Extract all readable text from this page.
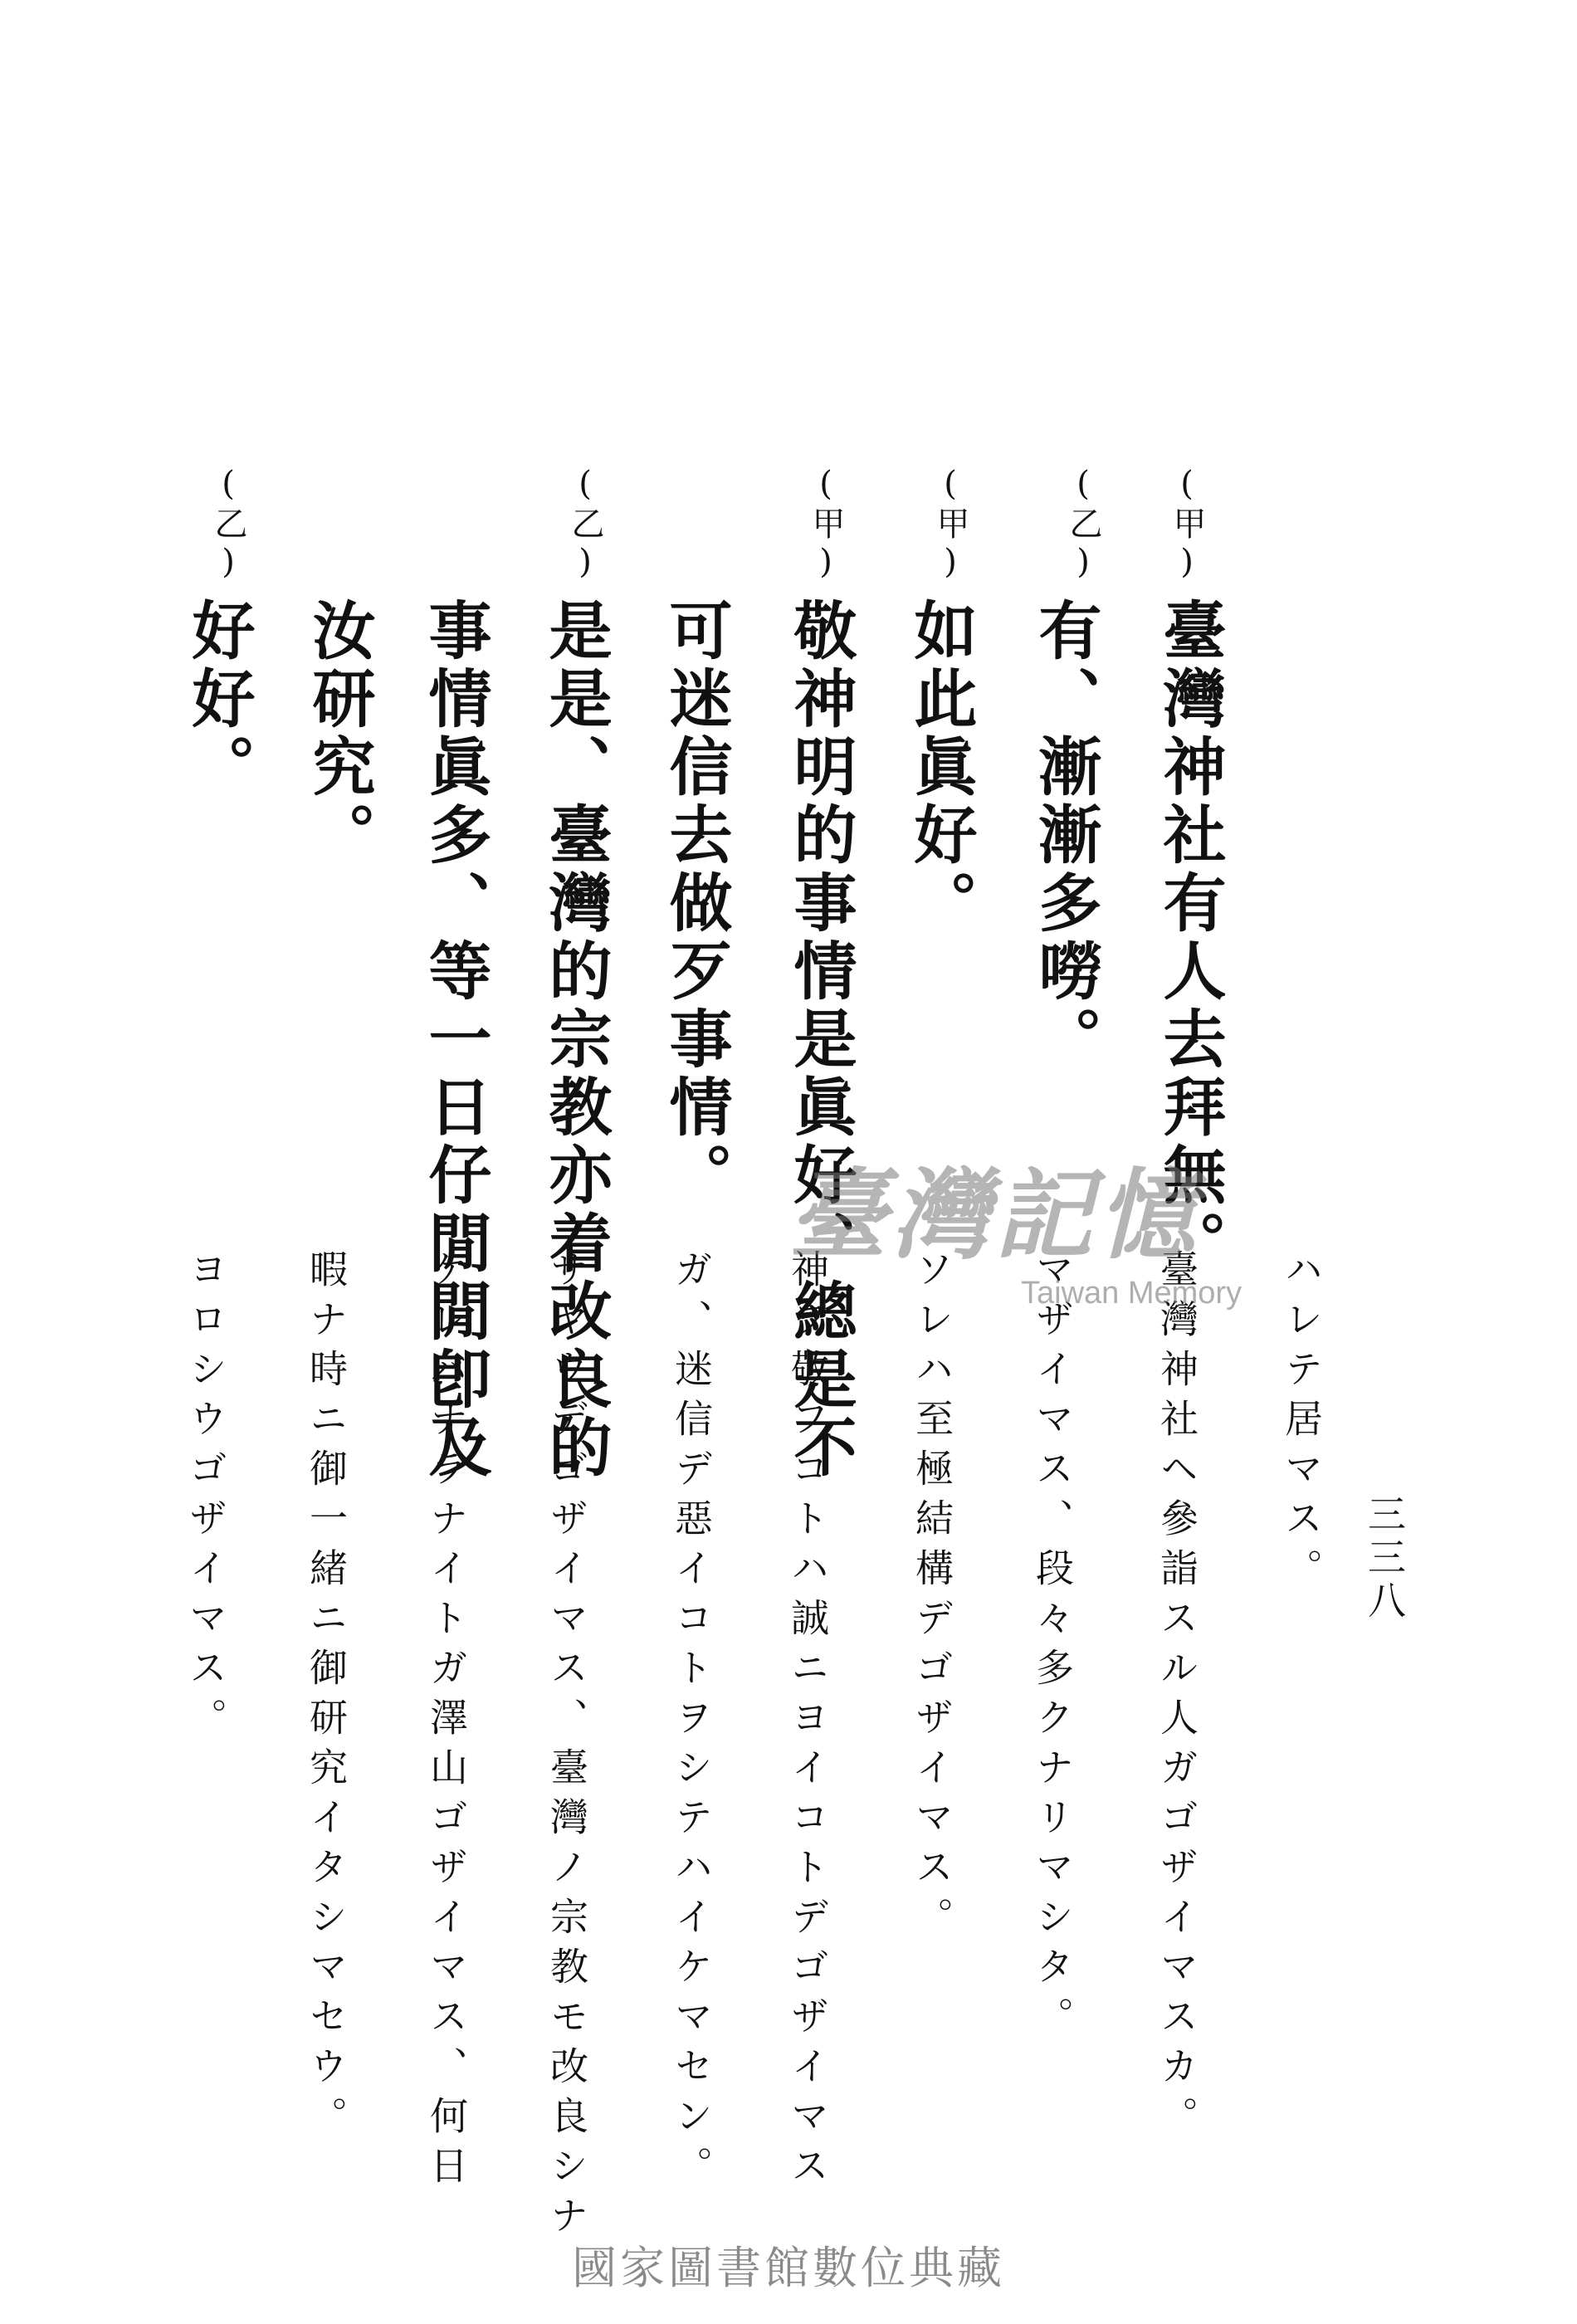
三三八
(甲)
(乙)
(甲)
(甲)
(乙)
(乙)
臺灣神社有人去拜無。
有、漸漸多嘮。
如此眞好。
敬神明的事情是眞好、總是不
可迷信去做歹事情。
是是、臺灣的宗教亦着改良的
事情眞多、等一日仔閒閒卽及
汝研究。
好好。
ハレテ居マス。
臺灣神社ヘ參詣スル人ガゴザイマスカ。
マザイマス、段々多クナリマシタ。
ソレハ至極結構デゴザイマス。
神ヲ敬フコトハ誠ニヨイコトデゴザイマス
ガ、迷信デ惡イコトヲシテハイケマセン。
サヤウデゴザイマス、臺灣ノ宗教モ改良シナ
ケレバナラナイトガ澤山ゴザイマス、何日
暇ナ時ニ御一緒ニ御研究イタシマセウ。
ヨロシウゴザイマス。
臺灣記憶
Taiwan Memory
國家圖書館數位典藏
